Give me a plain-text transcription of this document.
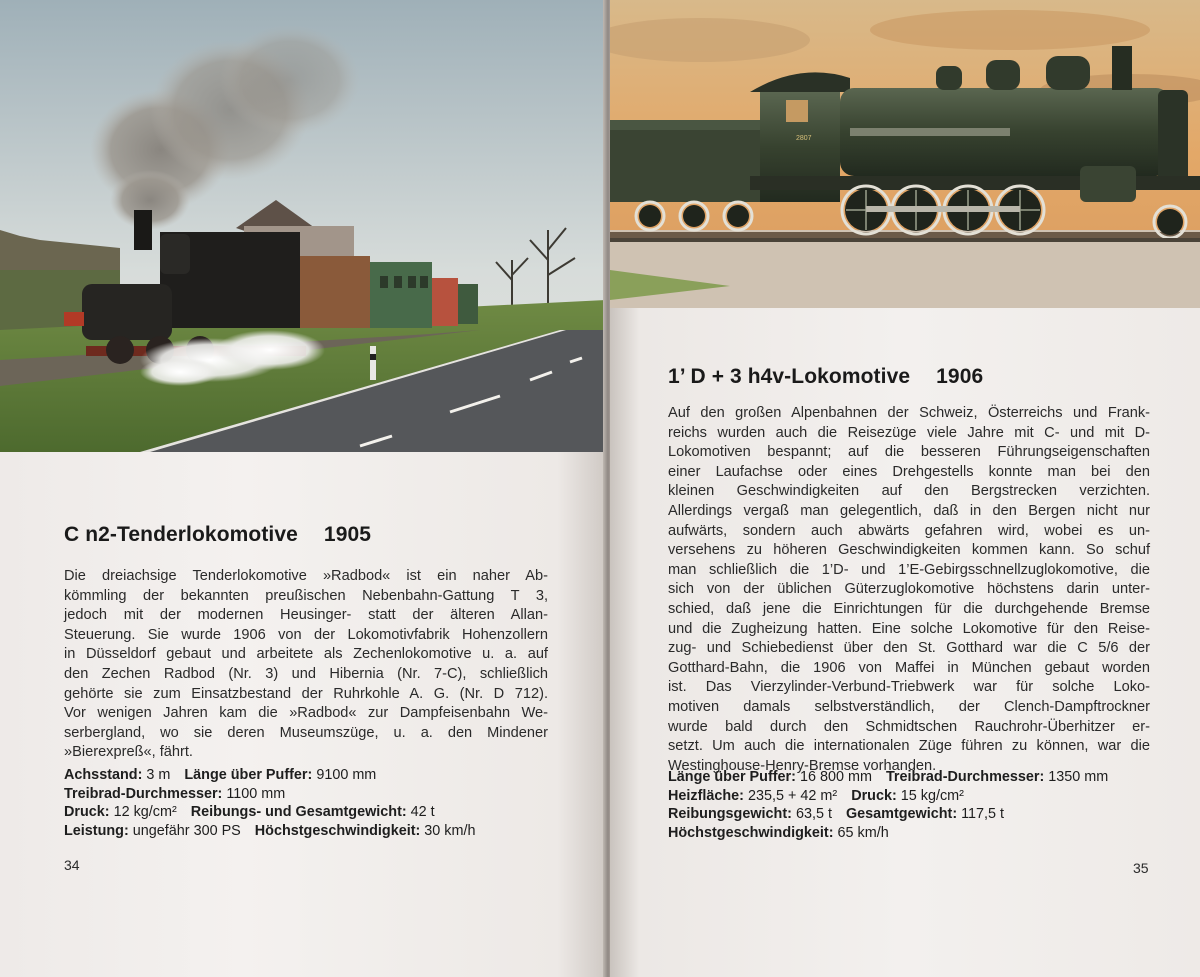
C n2-Tenderlokomotive 1905
Die dreiachsige Tenderlokomotive »Radbod« ist ein naher Ab-
kömmling der bekannten preußischen Nebenbahn-Gattung T 3,
jedoch mit der modernen Heusinger- statt der älteren Allan-
Steuerung. Sie wurde 1906 von der Lokomotivfabrik Hohenzollern
in Düsseldorf gebaut und arbeitete als Zechenlokomotive u. a. auf
den Zechen Radbod (Nr. 3) und Hibernia (Nr. 7-C), schließlich
gehörte sie zum Einsatzbestand der Ruhrkohle A. G. (Nr. D 712).
Vor wenigen Jahren kam die »Radbod« zur Dampfeisenbahn We-
serbergland, wo sie deren Museumszüge, u. a. den Mindener
»Bierexpreß«, fährt.
Achsstand: 3 m Länge über Puffer: 9100 mm
Treibrad-Durchmesser: 1100 mm
Druck: 12 kg/cm² Reibungs- und Gesamtgewicht: 42 t
Leistung: ungefähr 300 PS Höchstgeschwindigkeit: 30 km/h
34
2807
1’ D + 3 h4v-Lokomotive 1906
Auf den großen Alpenbahnen der Schweiz, Österreichs und Frank-
reichs wurden auch die Reisezüge viele Jahre mit C- und mit D-
Lokomotiven bespannt; auf die besseren Führungseigenschaften
einer Laufachse oder eines Drehgestells konnte man bei den
kleinen Geschwindigkeiten auf den Bergstrecken verzichten.
Allerdings vergaß man gelegentlich, daß in den Bergen nicht nur
aufwärts, sondern auch abwärts gefahren wird, wobei es un-
versehens zu höheren Geschwindigkeiten kommen kann. So schuf
man schließlich die 1’D- und 1’E-Gebirgsschnellzuglokomotive, die
sich von der üblichen Güterzuglokomotive höchstens darin unter-
schied, daß jene die Einrichtungen für die durchgehende Bremse
und die Zugheizung hatten. Eine solche Lokomotive für den Reise-
zug- und Schiebedienst über den St. Gotthard war die C 5/6 der
Gotthard-Bahn, die 1906 von Maffei in München gebaut worden
ist. Das Vierzylinder-Verbund-Triebwerk war für solche Loko-
motiven damals selbstverständlich, der Clench-Dampftrockner
wurde bald durch den Schmidtschen Rauchrohr-Überhitzer er-
setzt. Um auch die internationalen Züge führen zu können, war die
Westinghouse-Henry-Bremse vorhanden.
Länge über Puffer: 16 800 mm Treibrad-Durchmesser: 1350 mm
Heizfläche: 235,5 + 42 m² Druck: 15 kg/cm²
Reibungsgewicht: 63,5 t Gesamtgewicht: 117,5 t
Höchstgeschwindigkeit: 65 km/h
35
